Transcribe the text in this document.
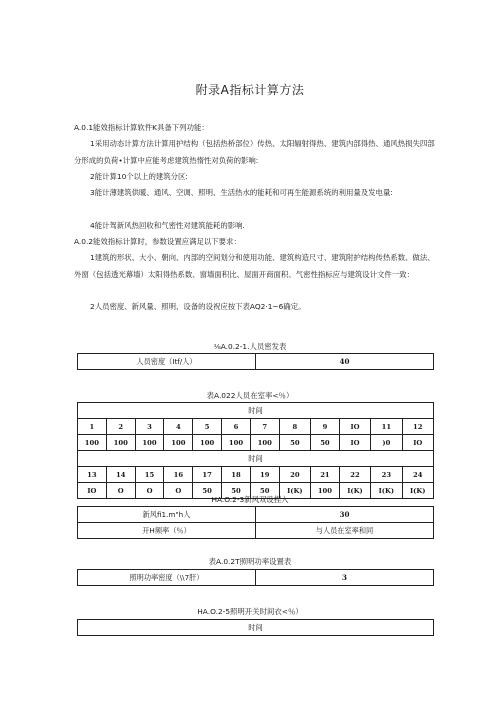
附录A指标计算方法
A.0.1能效指标计算软件K具备下列功能：
1采用动态计算方法计算用护结构（包括热桥部位）传热、太阳辐射得热、建筑内部得热、通风热损失四部分形成的负荷•计算中应能考虑建筑热惰性对负荷的影响:
2能计算10个以上的建筑分区:
3能计薄建筑供暖、通风、空调、照明、生活热水的能耗和可再生能源系统的利用量及发电量:
4能计驾新风热回收和气密性对建筑能耗的影响.
A.0.2能效指标计算时，参数设置应满足以下要求：
1建筑的形状、大小、朝向、内部的空间划分和使用功能、建筑构造尺寸、建筑附护结构传热系数、做法、外窗（包括透光幕墙）太阳得热系数、窗墙面积比、屋面开商面积、气密性指标应与建筑设计文件一致：
2人员密度、新风量、照明、设备的设祝应按下表AQ2·1~6确定。
⅛A.0.2-1.人员密发表
人员密度（Itf/人）	40
表A.022人员在室率<％）
时间											
1	2	3	4	5	6	7	8	9	IO	11	12
100	100	100	100	100	100	100	50	50	IO	)0	IO
时间											
13	14	15	16	17	18	19	20	21	22	23	24
IO	O	O	O	50	50	50	I(K)	100	I(K)	I(K)	I(K)
HA.O.2-3新风双设捏入
新风fi1.m"h人	30
开H频率（％）	与人员在室率和同
表A.0.2T照明功率设置表
照明功率密度（\\7肝）	3
HA.O.2-5照明开关时间衣<％）
时间
